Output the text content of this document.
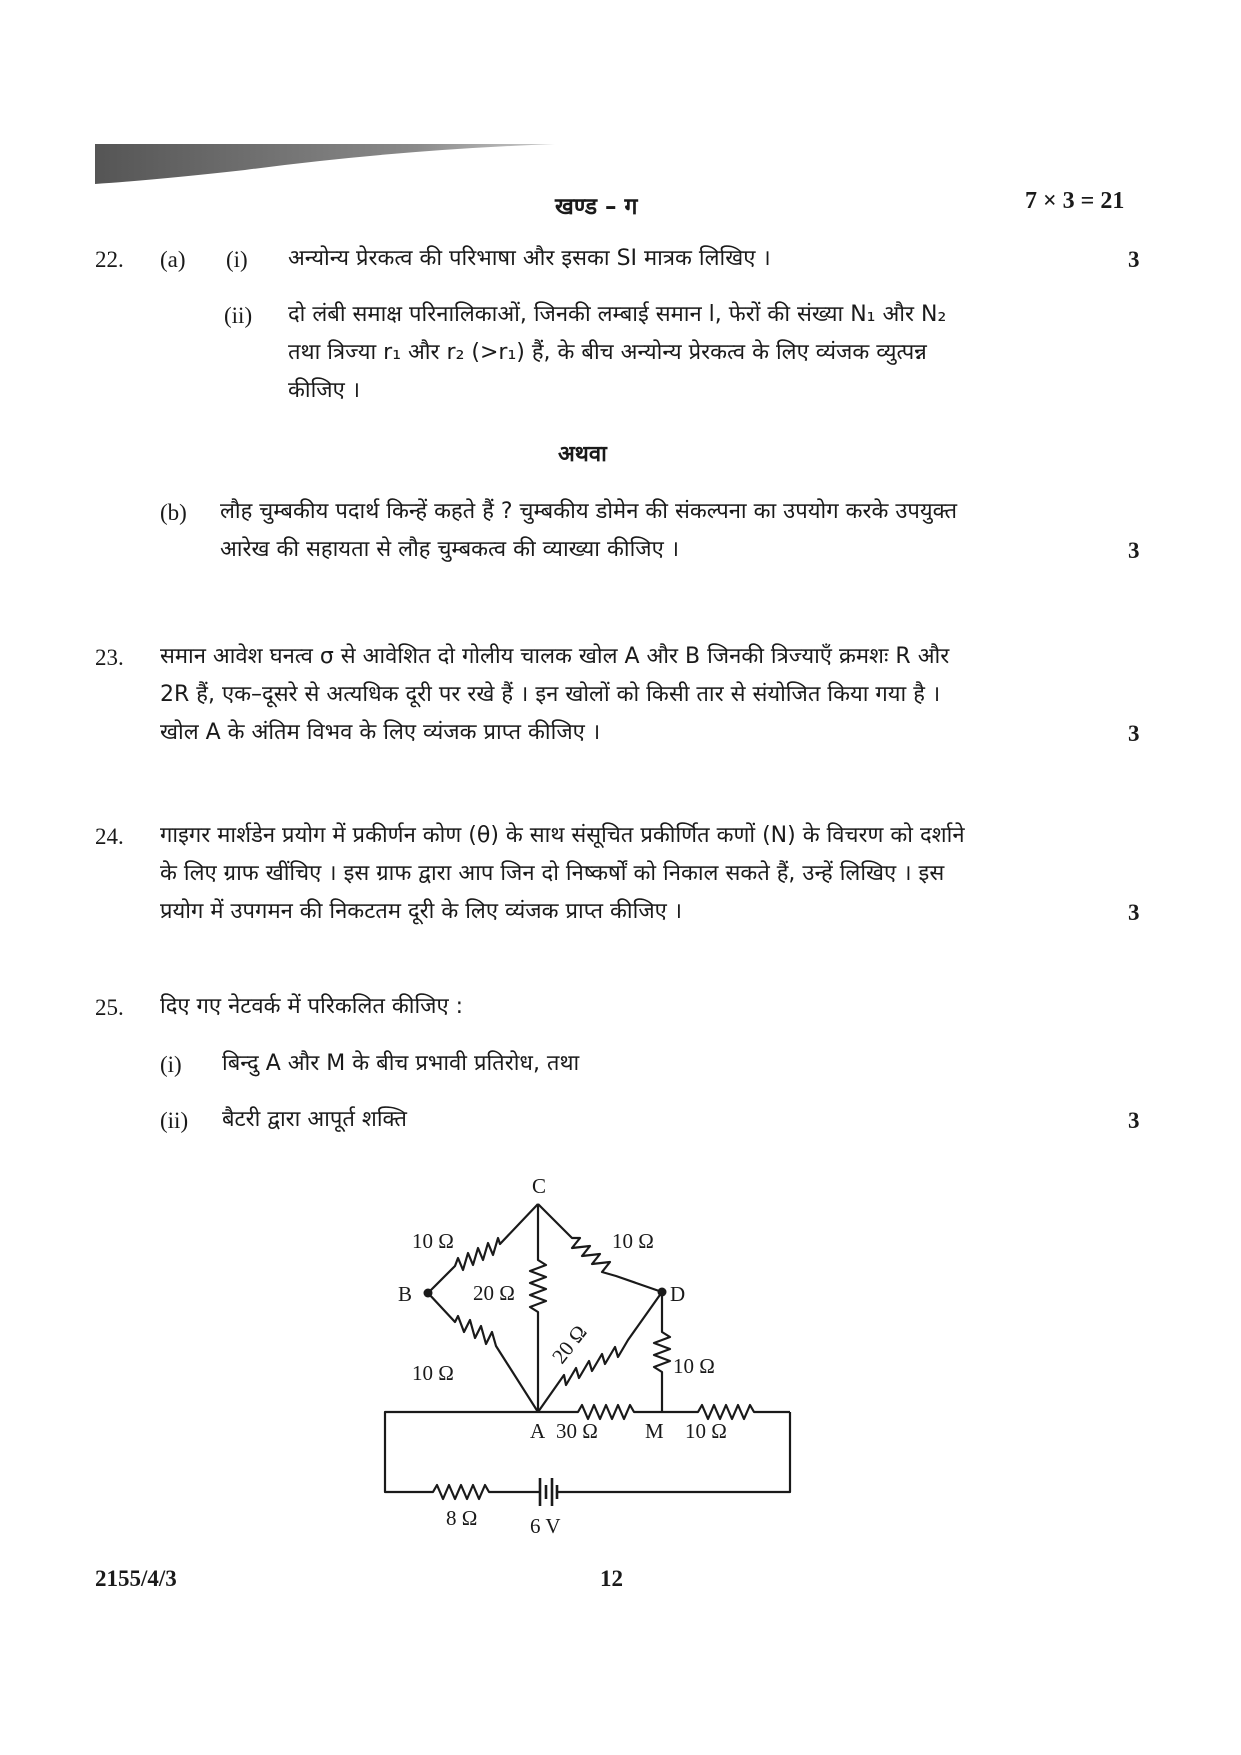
खण्ड – ग	7 × 3 = 21
22. (a) (i) अन्योन्य प्रेरकत्व की परिभाषा और इसका SI मात्रक लिखिए ।	3
(ii) दो लंबी समाक्ष परिनालिकाओं, जिनकी लम्बाई समान l, फेरों की संख्या N₁ और N₂
तथा त्रिज्या r₁ और r₂ (>r₁) हैं, के बीच अन्योन्य प्रेरकत्व के लिए व्यंजक व्युत्पन्न
कीजिए ।
अथवा
(b) लौह चुम्बकीय पदार्थ किन्हें कहते हैं ? चुम्बकीय डोमेन की संकल्पना का उपयोग करके उपयुक्त
आरेख की सहायता से लौह चुम्बकत्व की व्याख्या कीजिए ।	3
23. समान आवेश घनत्व σ से आवेशित दो गोलीय चालक खोल A और B जिनकी त्रिज्याएँ क्रमशः R और
2R हैं, एक–दूसरे से अत्यधिक दूरी पर रखे हैं । इन खोलों को किसी तार से संयोजित किया गया है ।
खोल A के अंतिम विभव के लिए व्यंजक प्राप्त कीजिए ।	3
24. गाइगर मार्शडेन प्रयोग में प्रकीर्णन कोण (θ) के साथ संसूचित प्रकीर्णित कणों (N) के विचरण को दर्शाने
के लिए ग्राफ खींचिए । इस ग्राफ द्वारा आप जिन दो निष्कर्षों को निकाल सकते हैं, उन्हें लिखिए । इस
प्रयोग में उपगमन की निकटतम दूरी के लिए व्यंजक प्राप्त कीजिए ।	3
25. दिए गए नेटवर्क में परिकलित कीजिए :
(i) बिन्दु A और M के बीच प्रभावी प्रतिरोध, तथा
(ii) बैटरी द्वारा आपूर्त शक्ति	3
C
B	D
A	M
10 Ω	10 Ω
20 Ω
10 Ω
20 Ω	10 Ω
30 Ω	10 Ω
8 Ω	6 V
2155/4/3	12
